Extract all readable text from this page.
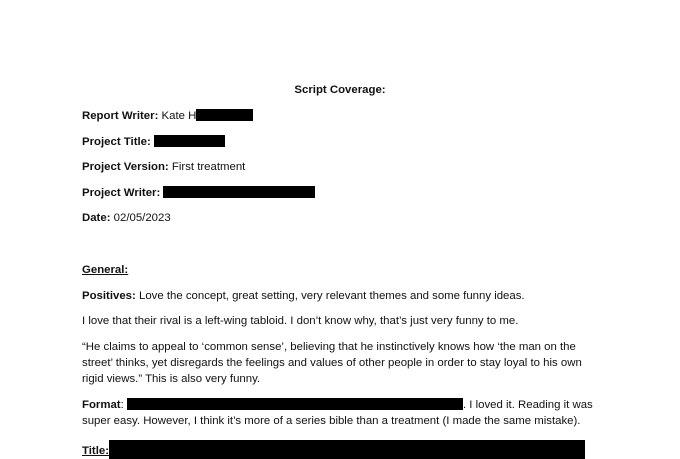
Script Coverage:
Report Writer: Kate H
Project Title:
Project Version: First treatment
Project Writer:
Date: 02/05/2023
General:
Positives: Love the concept, great setting, very relevant themes and some funny ideas.
I love that their rival is a left-wing tabloid. I don’t know why, that’s just very funny to me.
“He claims to appeal to ‘common sense’, believing that he instinctively knows how ‘the man on the
street’ thinks, yet disregards the feelings and values of other people in order to stay loyal to his own
rigid views.” This is also very funny.
Format:	. I loved it. Reading it was
super easy. However, I think it’s more of a series bible than a treatment (I made the same mistake).
Title:
